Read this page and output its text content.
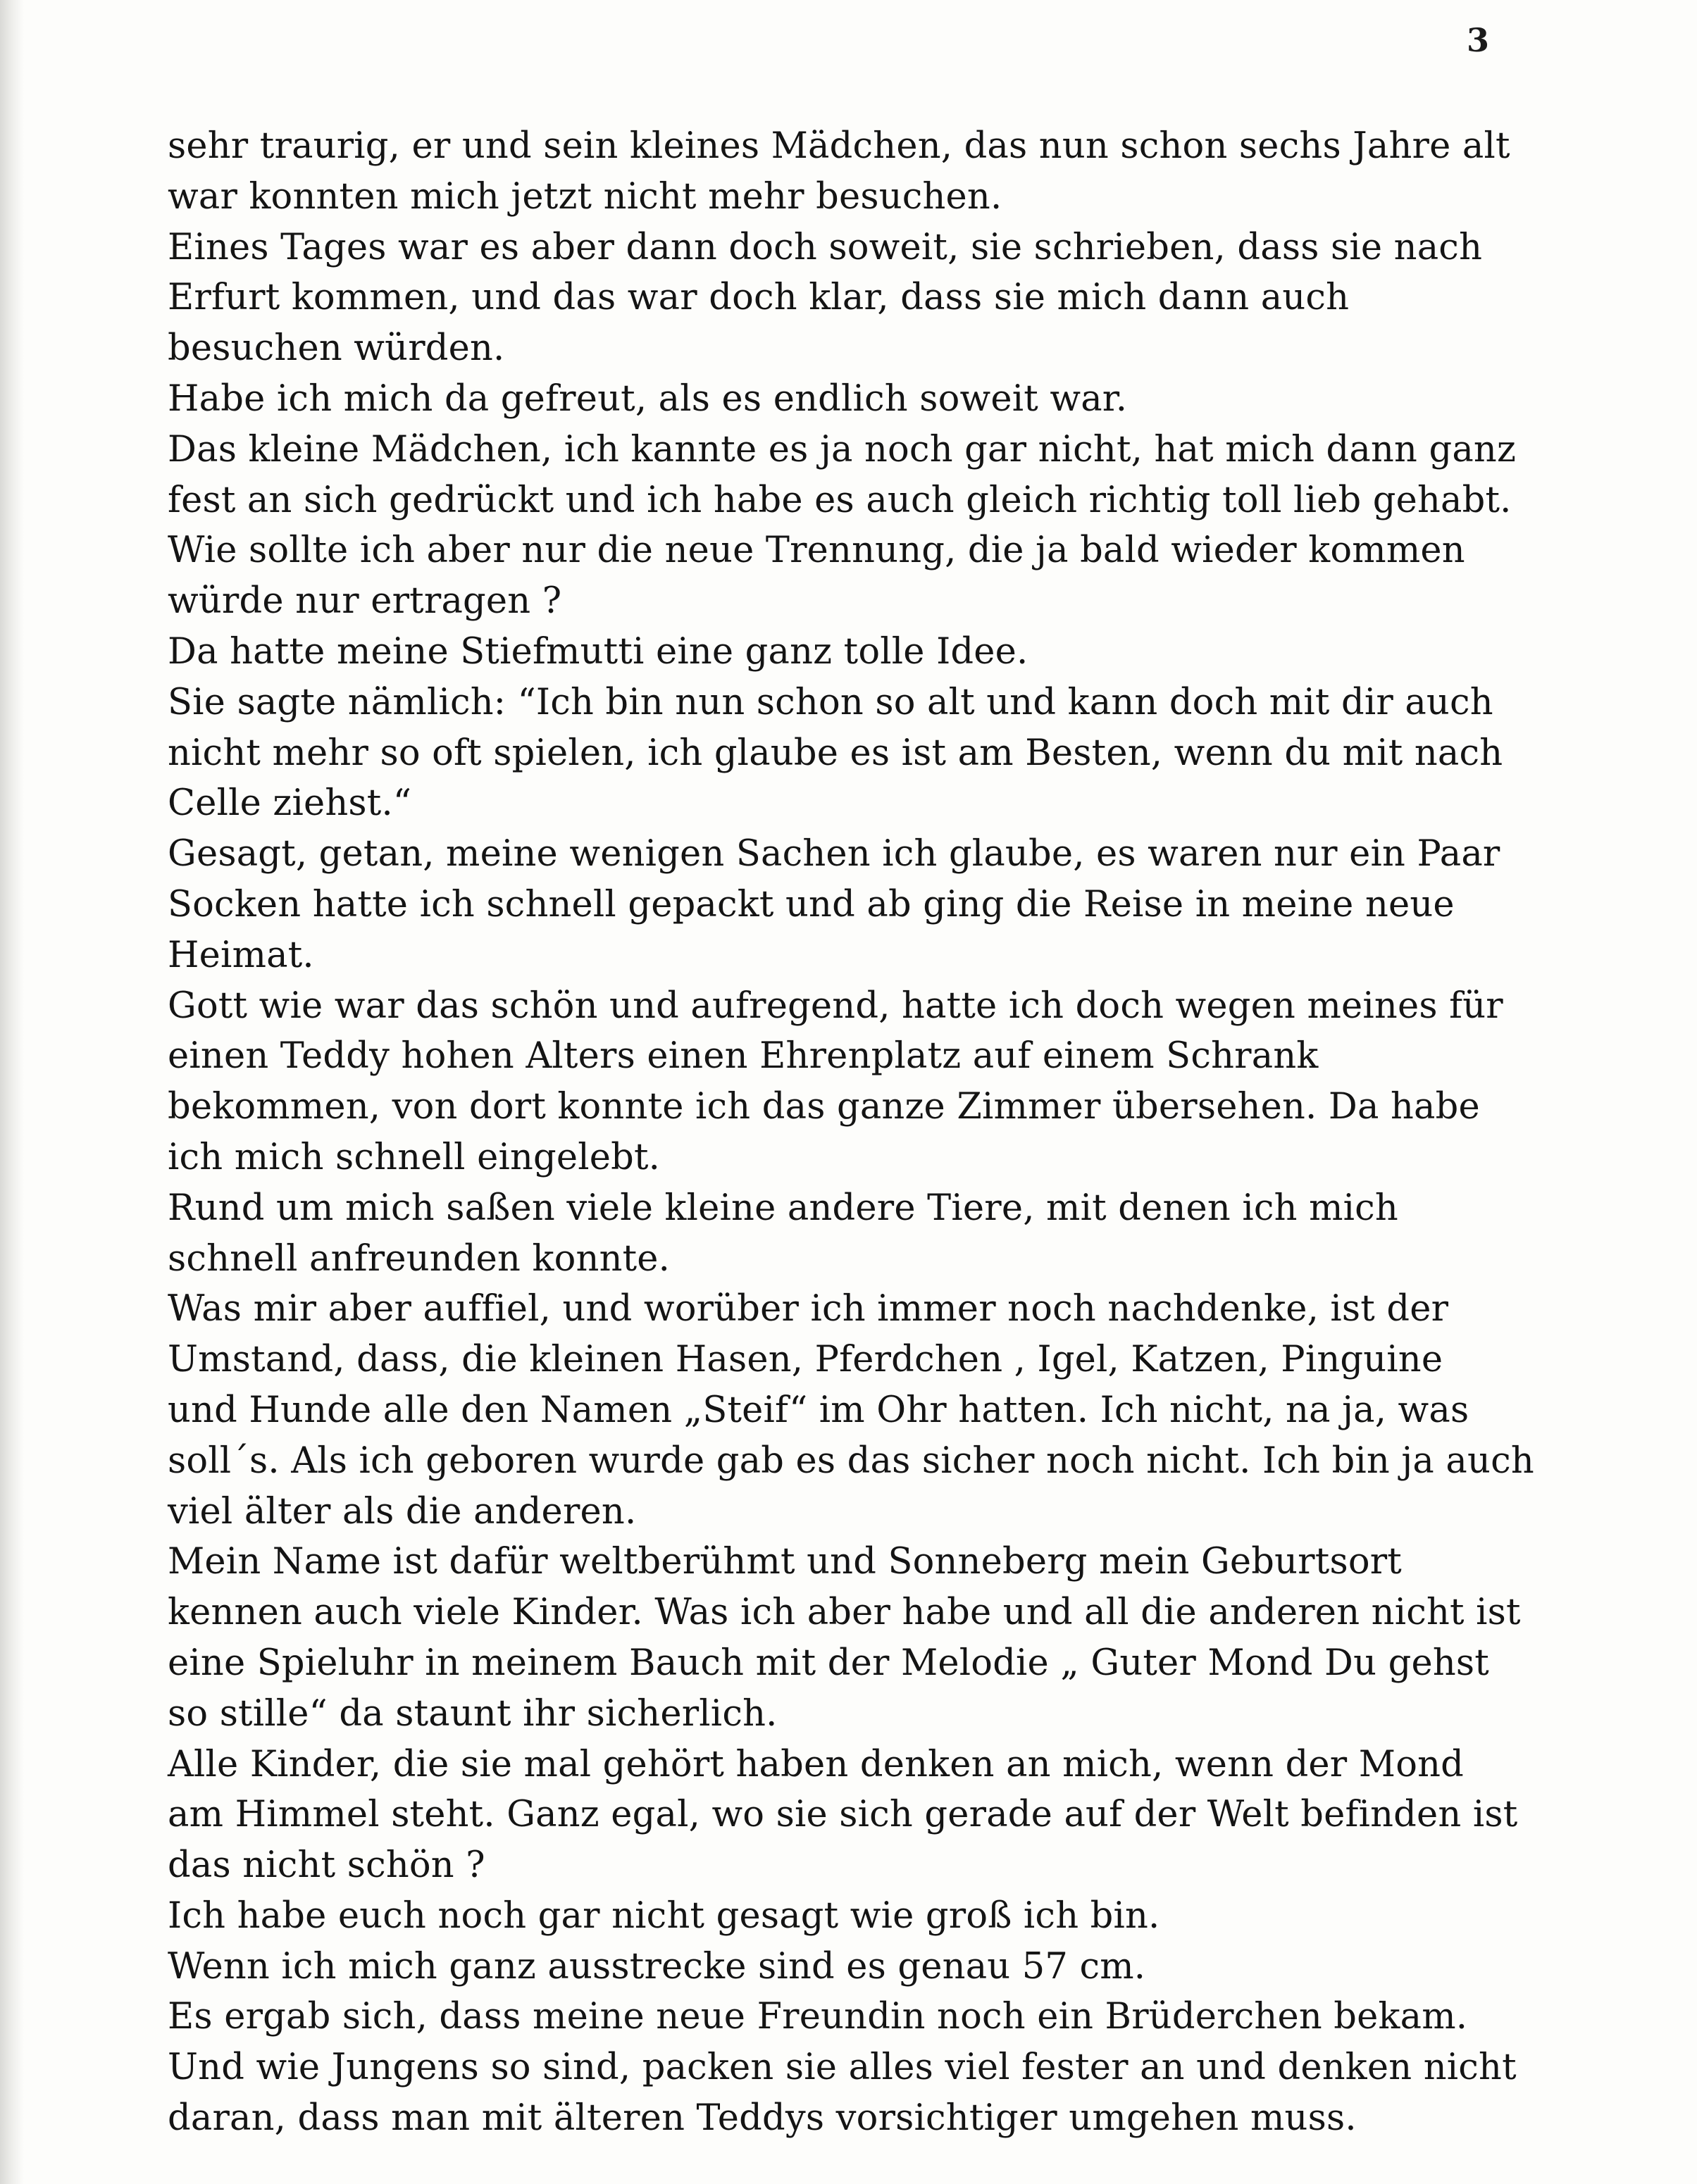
3
sehr traurig, er und sein kleines Mädchen, das nun schon sechs Jahre alt
war konnten mich jetzt nicht mehr besuchen.
Eines Tages war es aber dann doch soweit, sie schrieben, dass sie nach
Erfurt kommen, und das war doch klar, dass sie mich dann auch
besuchen würden.
Habe ich mich da gefreut, als es endlich soweit war.
Das kleine Mädchen, ich kannte es ja noch gar nicht, hat mich dann ganz
fest an sich gedrückt und ich habe es auch gleich richtig toll lieb gehabt.
Wie sollte ich aber nur die neue Trennung, die ja bald wieder kommen
würde nur ertragen ?
Da hatte meine Stiefmutti eine ganz tolle Idee.
Sie sagte nämlich: “Ich bin nun schon so alt und kann doch mit dir auch
nicht mehr so oft spielen, ich glaube es ist am Besten, wenn du mit nach
Celle ziehst.“
Gesagt, getan, meine wenigen Sachen ich glaube, es waren nur ein Paar
Socken hatte ich schnell gepackt und ab ging die Reise in meine neue
Heimat.
Gott wie war das schön und aufregend, hatte ich doch wegen meines für
einen Teddy hohen Alters einen Ehrenplatz auf einem Schrank
bekommen, von dort konnte ich das ganze Zimmer übersehen. Da habe
ich mich schnell eingelebt.
Rund um mich saßen viele kleine andere Tiere, mit denen ich mich
schnell anfreunden konnte.
Was mir aber auffiel, und worüber ich immer noch nachdenke, ist der
Umstand, dass, die kleinen Hasen, Pferdchen , Igel, Katzen, Pinguine
und Hunde alle den Namen „Steif“ im Ohr hatten. Ich nicht, na ja, was
soll´s. Als ich geboren wurde gab es das sicher noch nicht. Ich bin ja auch
viel älter als die anderen.
Mein Name ist dafür weltberühmt und Sonneberg mein Geburtsort
kennen auch viele Kinder. Was ich aber habe und all die anderen nicht ist
eine Spieluhr in meinem Bauch mit der Melodie „ Guter Mond Du gehst
so stille“ da staunt ihr sicherlich.
Alle Kinder, die sie mal gehört haben denken an mich, wenn der Mond
am Himmel steht. Ganz egal, wo sie sich gerade auf der Welt befinden ist
das nicht schön ?
Ich habe euch noch gar nicht gesagt wie groß ich bin.
Wenn ich mich ganz ausstrecke sind es genau 57 cm.
Es ergab sich, dass meine neue Freundin noch ein Brüderchen bekam.
Und wie Jungens so sind, packen sie alles viel fester an und denken nicht
daran, dass man mit älteren Teddys vorsichtiger umgehen muss.
